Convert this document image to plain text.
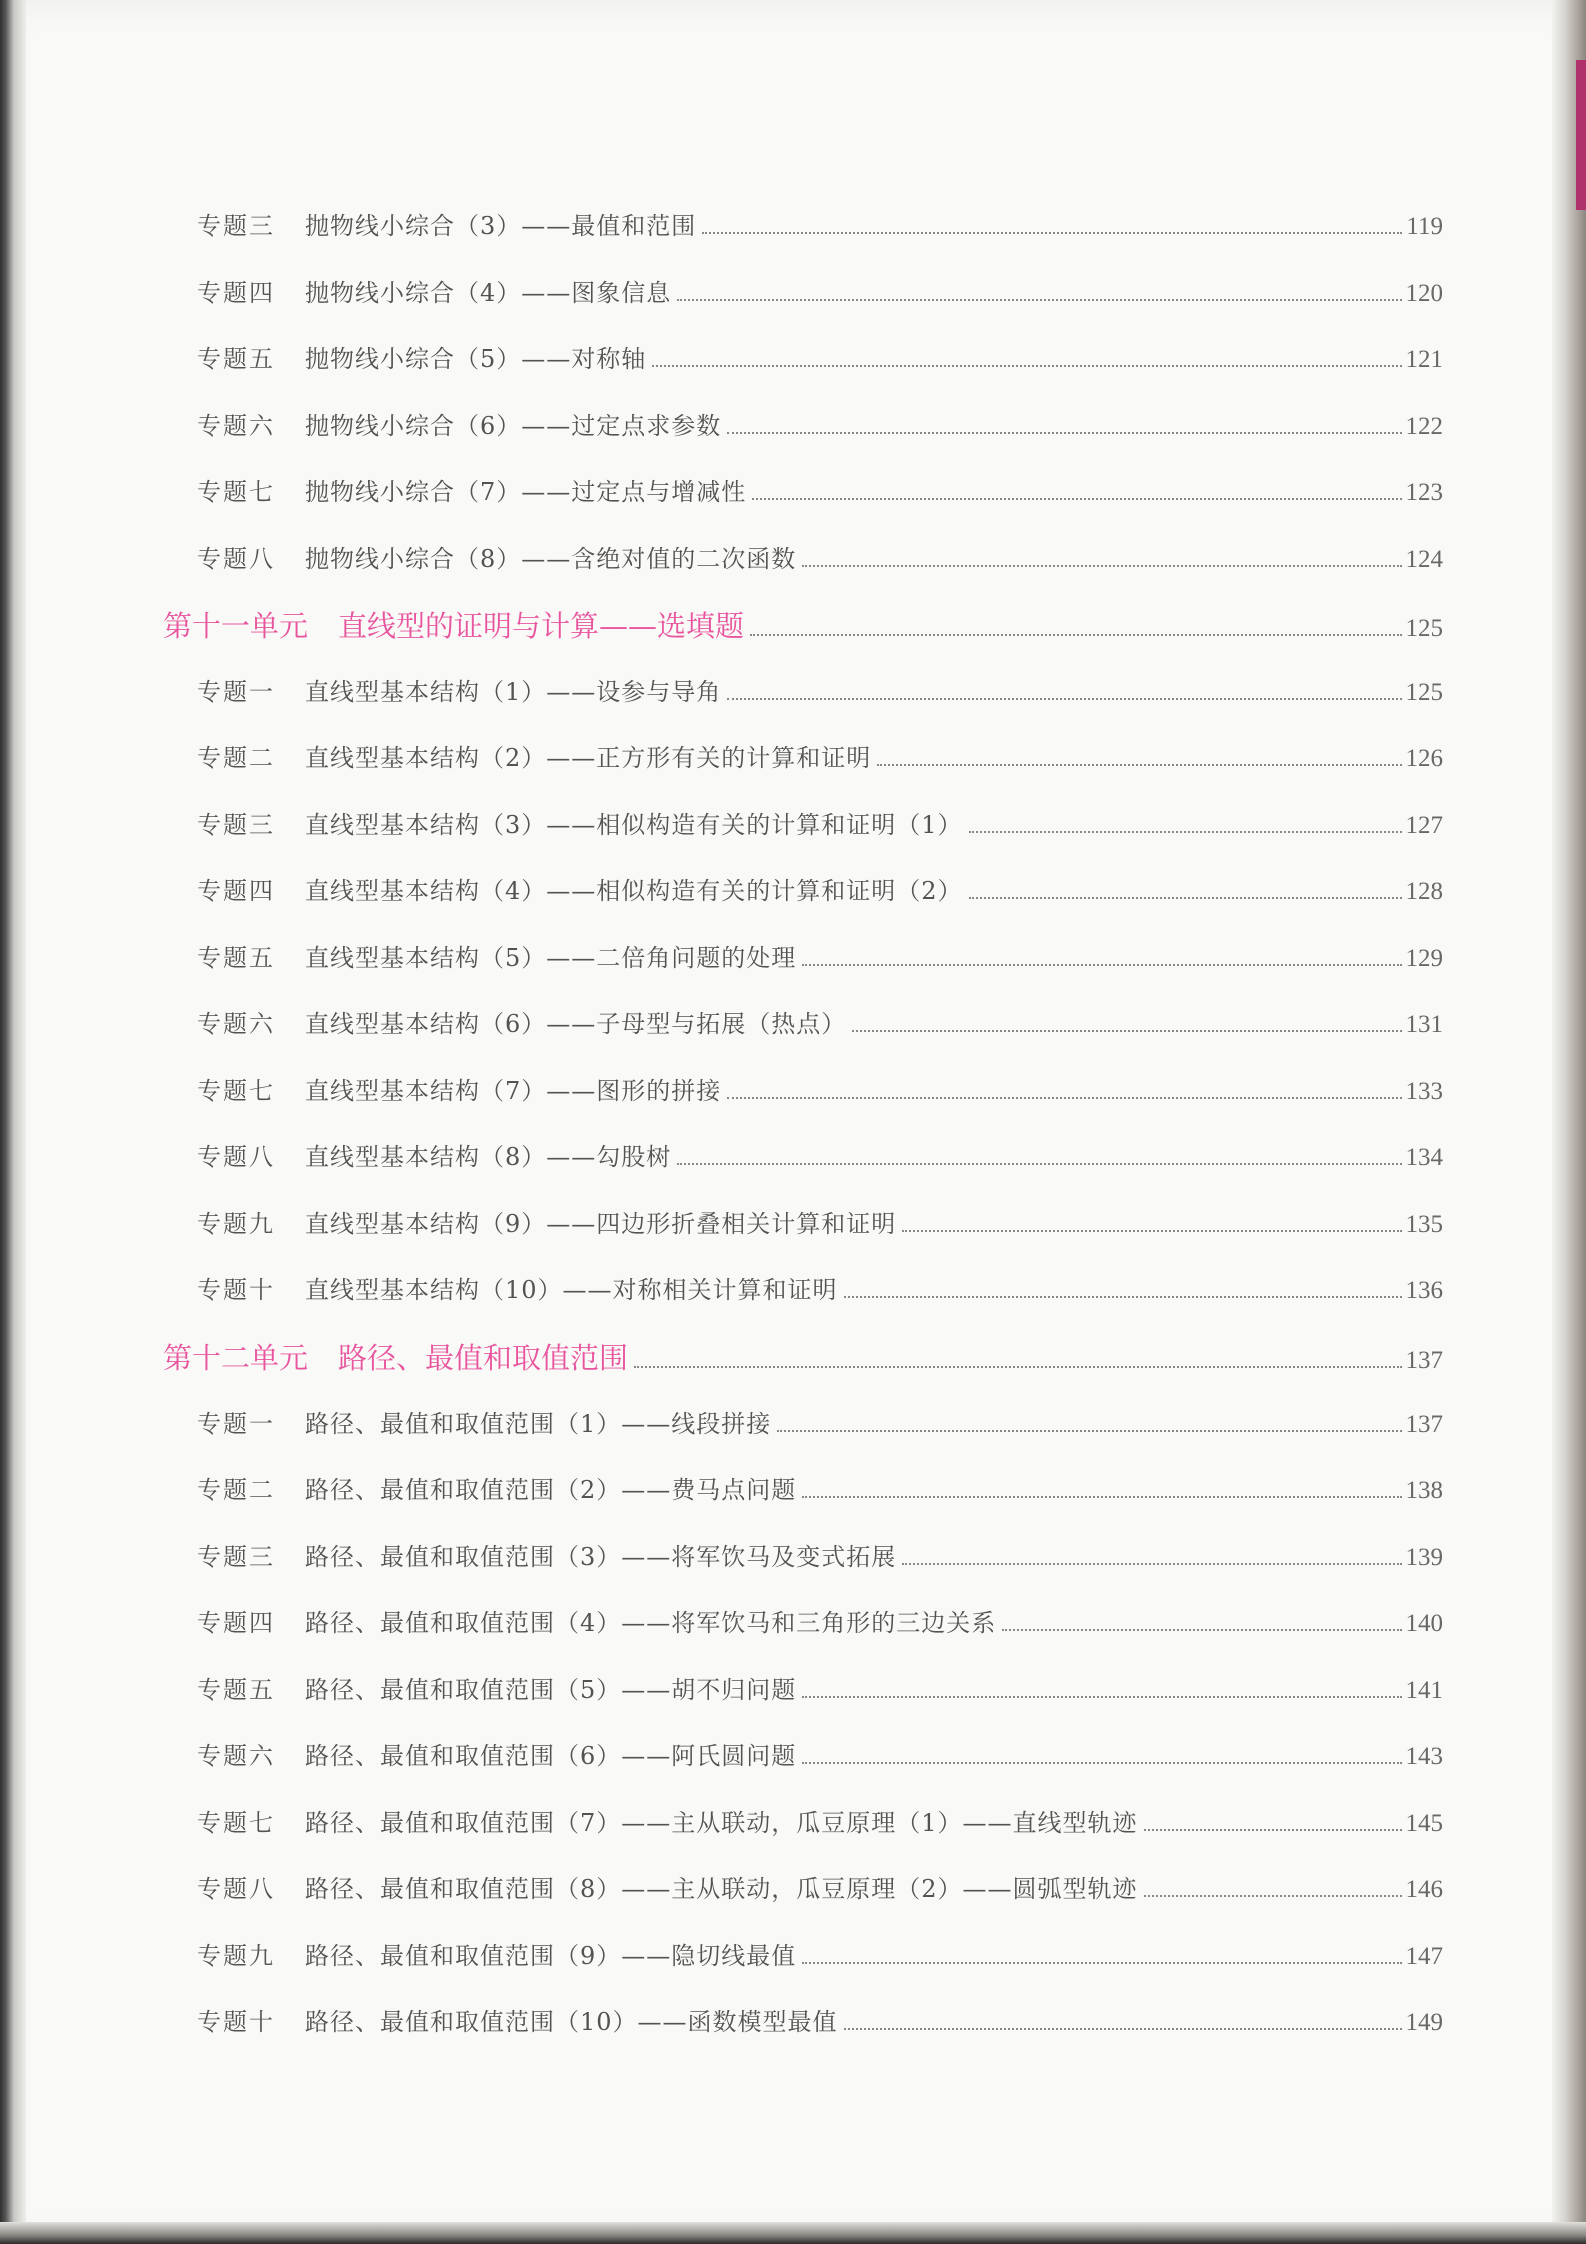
专题三 抛物线小综合（3）——最值和范围	119
专题四 抛物线小综合（4）——图象信息	120
专题五 抛物线小综合（5）——对称轴	121
专题六 抛物线小综合（6）——过定点求参数	122
专题七 抛物线小综合（7）——过定点与增减性	123
专题八 抛物线小综合（8）——含绝对值的二次函数	124
第十一单元 直线型的证明与计算——选填题	125
专题一 直线型基本结构（1）——设参与导角	125
专题二 直线型基本结构（2）——正方形有关的计算和证明	126
专题三 直线型基本结构（3）——相似构造有关的计算和证明（1）	127
专题四 直线型基本结构（4）——相似构造有关的计算和证明（2）	128
专题五 直线型基本结构（5）——二倍角问题的处理	129
专题六 直线型基本结构（6）——子母型与拓展（热点）	131
专题七 直线型基本结构（7）——图形的拼接	133
专题八 直线型基本结构（8）——勾股树	134
专题九 直线型基本结构（9）——四边形折叠相关计算和证明	135
专题十 直线型基本结构（10）——对称相关计算和证明	136
第十二单元 路径、最值和取值范围	137
专题一 路径、最值和取值范围（1）——线段拼接	137
专题二 路径、最值和取值范围（2）——费马点问题	138
专题三 路径、最值和取值范围（3）——将军饮马及变式拓展	139
专题四 路径、最值和取值范围（4）——将军饮马和三角形的三边关系	140
专题五 路径、最值和取值范围（5）——胡不归问题	141
专题六 路径、最值和取值范围（6）——阿氏圆问题	143
专题七 路径、最值和取值范围（7）——主从联动，瓜豆原理（1）——直线型轨迹	145
专题八 路径、最值和取值范围（8）——主从联动，瓜豆原理（2）——圆弧型轨迹	146
专题九 路径、最值和取值范围（9）——隐切线最值	147
专题十 路径、最值和取值范围（10）——函数模型最值	149
